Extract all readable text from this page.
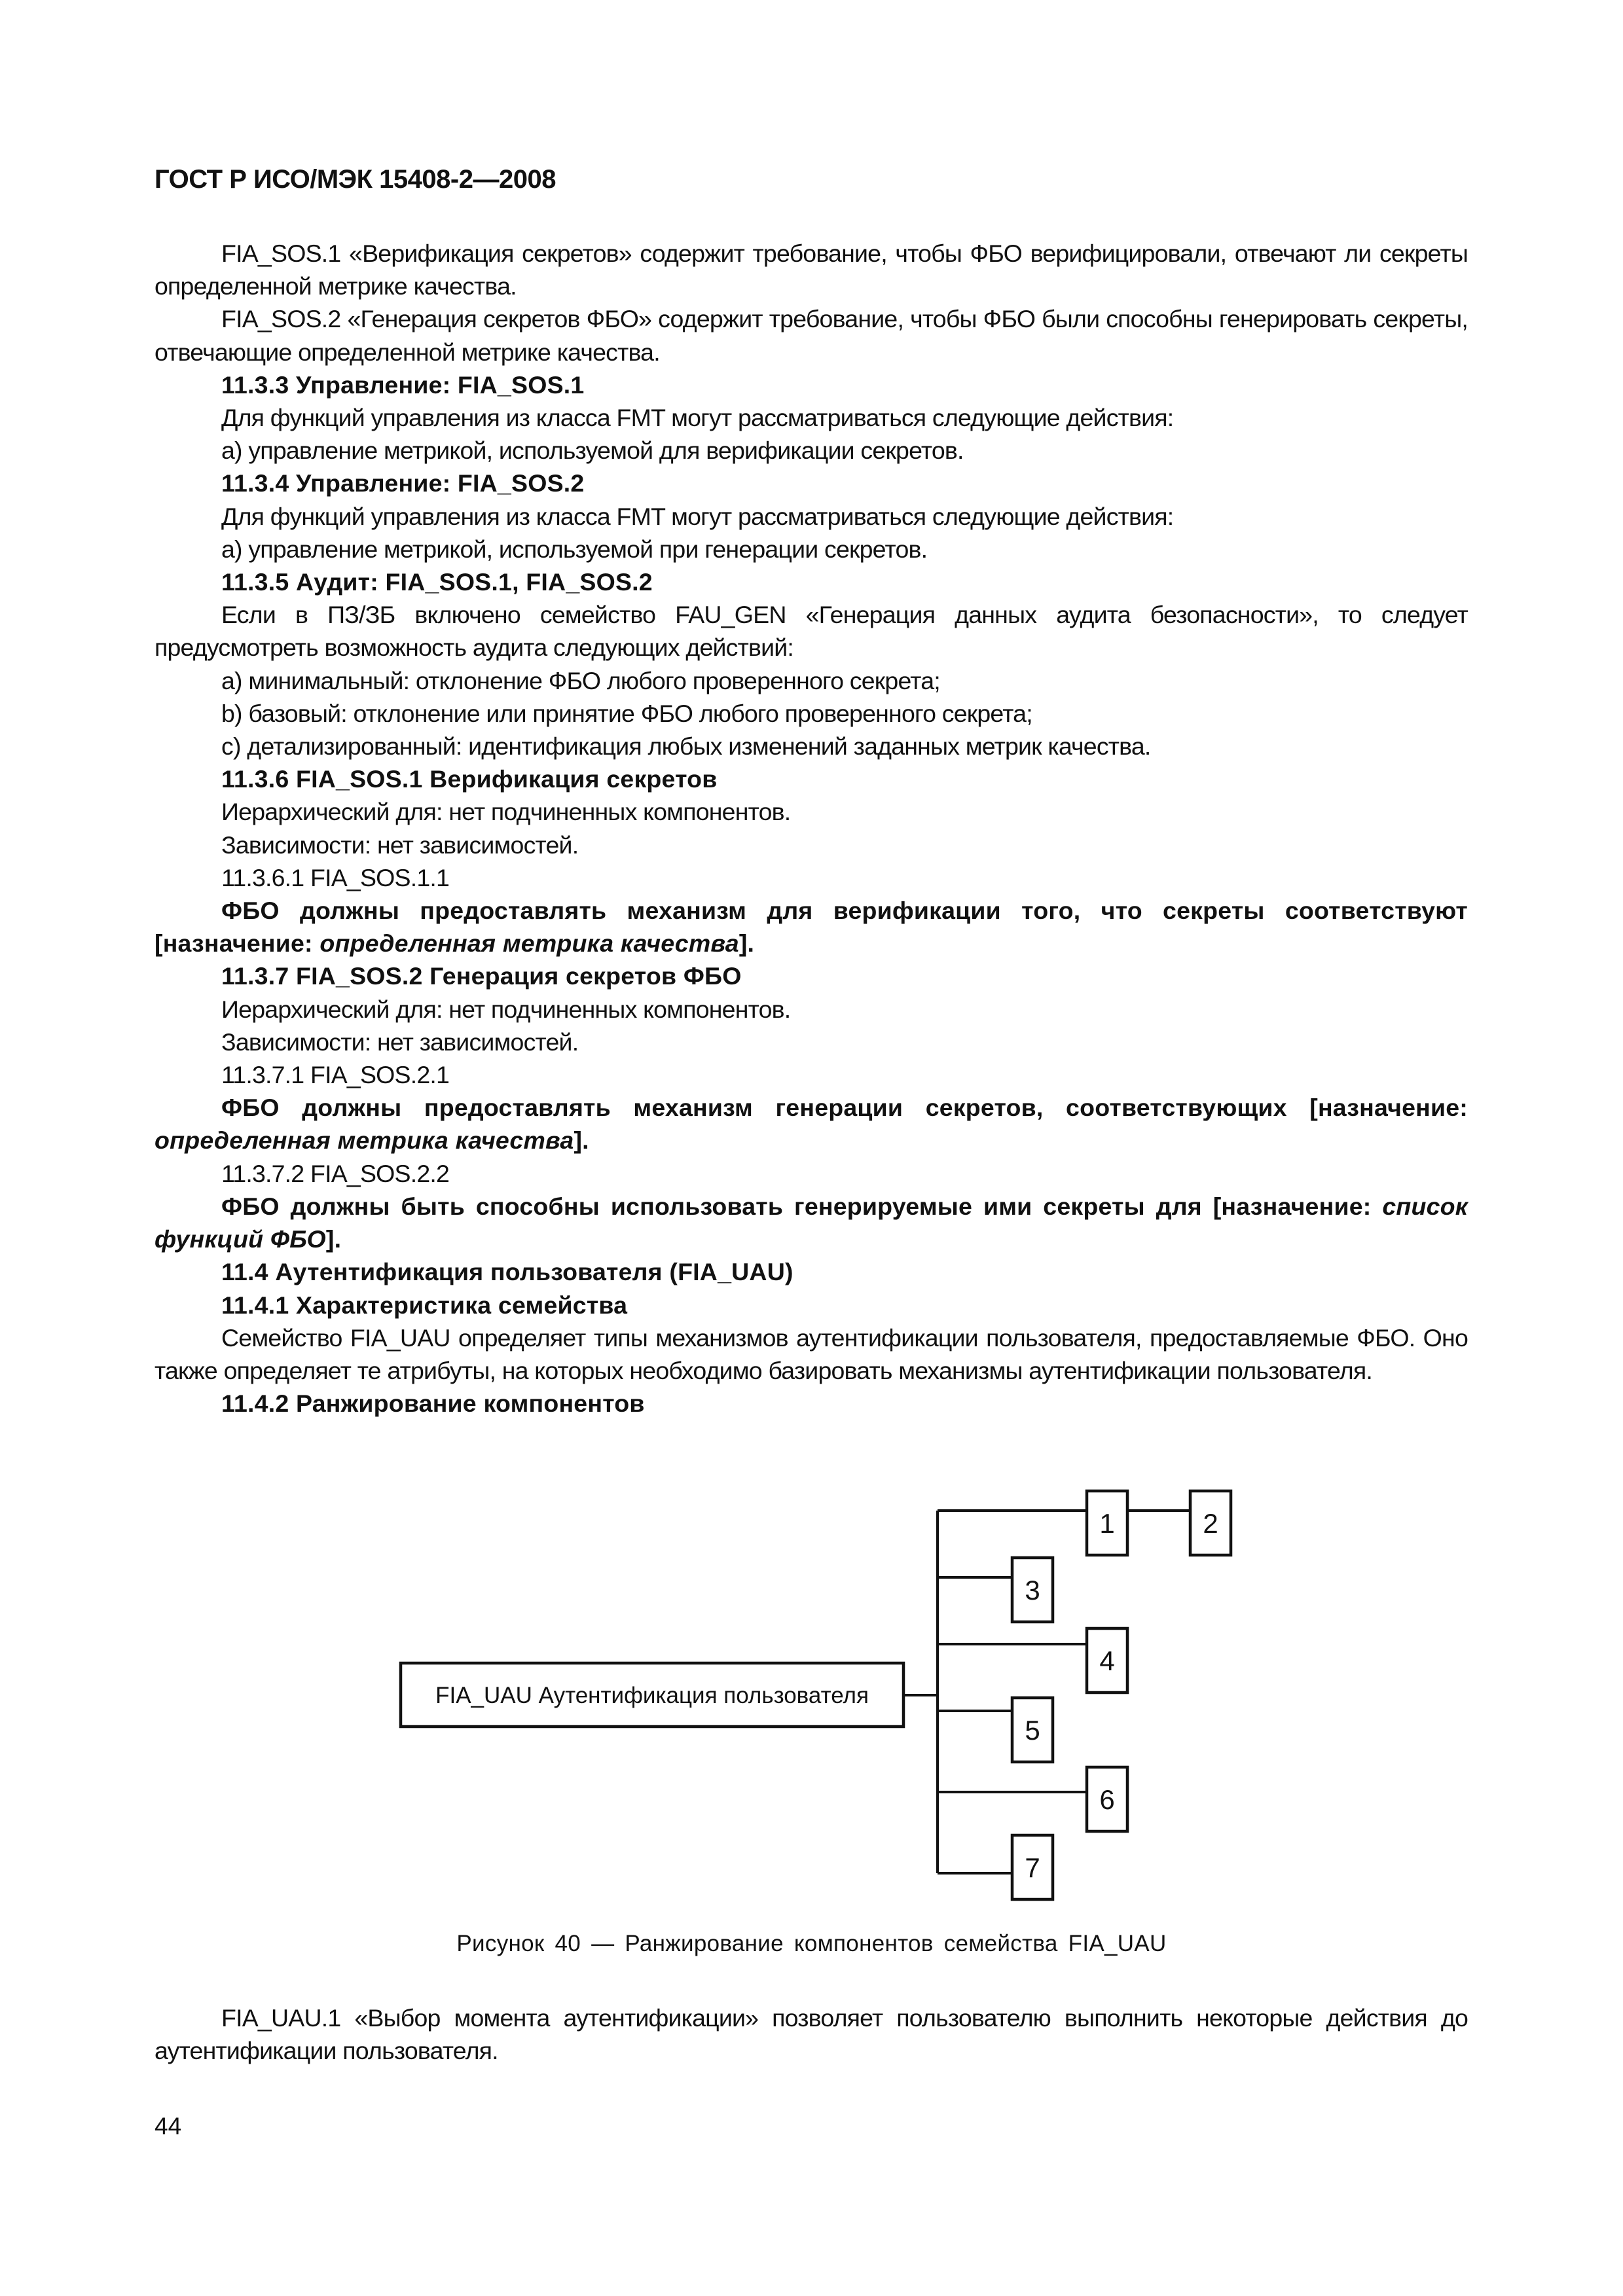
ГОСТ Р ИСО/МЭК 15408-2—2008

FIA_SOS.1 «Верификация секретов» содержит требование, чтобы ФБО верифицировали, отвечают ли секреты определенной метрике качества.

FIA_SOS.2 «Генерация секретов ФБО» содержит требование, чтобы ФБО были способны генерировать секреты, отвечающие определенной метрике качества.

11.3.3 Управление: FIA_SOS.1

Для функций управления из класса FMT могут рассматриваться следующие действия:

a) управление метрикой, используемой для верификации секретов.

11.3.4 Управление: FIA_SOS.2

Для функций управления из класса FMT могут рассматриваться следующие действия:

a) управление метрикой, используемой при генерации секретов.

11.3.5 Аудит: FIA_SOS.1, FIA_SOS.2

Если в ПЗ/ЗБ включено семейство FAU_GEN «Генерация данных аудита безопасности», то следует предусмотреть возможность аудита следующих действий:

a) минимальный: отклонение ФБО любого проверенного секрета;

b) базовый: отклонение или принятие ФБО любого проверенного секрета;

c) детализированный: идентификация любых изменений заданных метрик качества.

11.3.6 FIA_SOS.1 Верификация секретов

Иерархический для: нет подчиненных компонентов.

Зависимости: нет зависимостей.

11.3.6.1 FIA_SOS.1.1

ФБО должны предоставлять механизм для верификации того, что секреты соответствуют [назначение: определенная метрика качества].

11.3.7 FIA_SOS.2 Генерация секретов ФБО

Иерархический для: нет подчиненных компонентов.

Зависимости: нет зависимостей.

11.3.7.1 FIA_SOS.2.1

ФБО должны предоставлять механизм генерации секретов, соответствующих [назначение: определенная метрика качества].

11.3.7.2 FIA_SOS.2.2

ФБО должны быть способны использовать генерируемые ими секреты для [назначение: список функций ФБО].

11.4 Аутентификация пользователя (FIA_UAU)

11.4.1 Характеристика семейства

Семейство FIA_UAU определяет типы механизмов аутентификации пользователя, предоставляемые ФБО. Оно также определяет те атрибуты, на которых необходимо базировать механизмы аутентификации пользователя.

11.4.2 Ранжирование компонентов

FIA_UAU Аутентификация пользователя
1	2
3
4
5
6
7
Рисунок 40 — Ранжирование компонентов семейства FIA_UAU

FIA_UAU.1 «Выбор момента аутентификации» позволяет пользователю выполнить некоторые действия до аутентификации пользователя.

44
